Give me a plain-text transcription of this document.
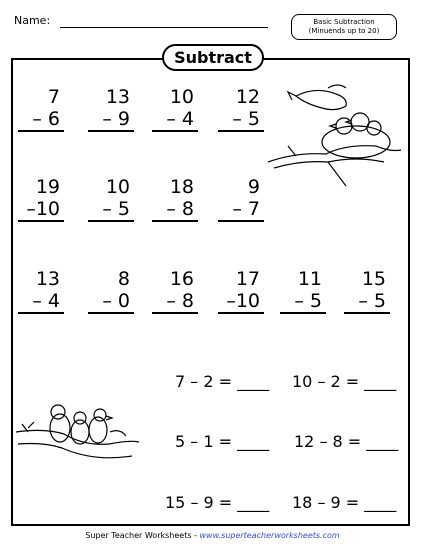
Name:	Basic Subtraction
(Minuends up to 20)
Subtract
7
– 6
13
– 9
10
– 4
12
– 5
19
–10
10
– 5
18
– 8
9
– 7
13
– 4
8
– 0
16
– 8
17
–10
11
– 5
15
– 5
7 – 2 = ____ 10 – 2 = ____
5 – 1 = ____ 12 – 8 = ____
15 – 9 = ____ 18 – 9 = ____
Super Teacher Worksheets - www.superteacherworksheets.com
